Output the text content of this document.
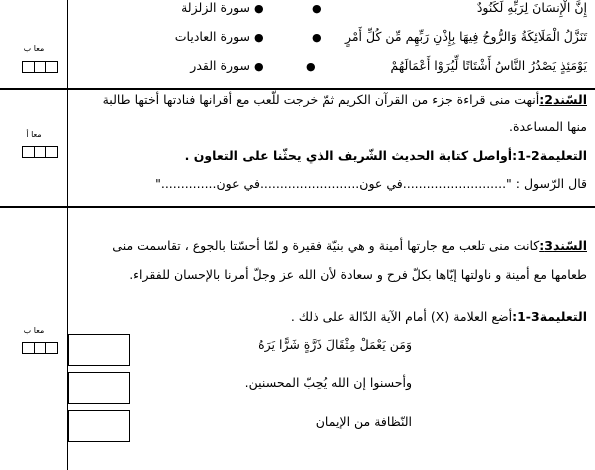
معا ب
إِنَّ الْإِنسَانَ لِرَبِّهِ لَكَنُودٌ
●
سورة الزلزلة ●
تَنَزَّلُ الْمَلَائِكَةُ وَالرُّوحُ فِيهَا بِإِذْنِ رَبِّهِم مِّن كُلِّ أَمْرٍ
●
سورة العاديات ●
يَوْمَئِذٍ يَصْدُرُ النَّاسُ أَشْتَاتًا لِّيُرَوْا أَعْمَالَهُمْ
●
سورة القدر ●
معا أ
السّند2:أنهت منى قراءة جزء من القرآن الكريم ثمّ خرجت للّعب مع أقرانها فنادتها أختها طالبة
منها المساعدة.
التعليمة2-1:أواصل كتابة الحديث الشّريف الذي يحثّنا على التعاون .
قال الرّسول : "..........................في عون.........................في عون.............."
معا ب
السّند3:كانت منى تلعب مع جارتها أمينة و هي بنيّة فقيرة و لمّا أحسّتا بالجوع ، تقاسمت منى
طعامها مع أمينة و ناولتها إيّاها بكلّ فرح و سعادة لأن الله عز وجلّ أمرنا بالإحسان للفقراء.
التعليمة3-1:أضع العلامة (X) أمام الآية الدّالة على ذلك .
وَمَن يَعْمَلْ مِثْقَالَ ذَرَّةٍ شَرًّا يَرَهُ
وأحسنوا إن الله يُحِبّ المحسنين.
النّظافة من الإيمان
